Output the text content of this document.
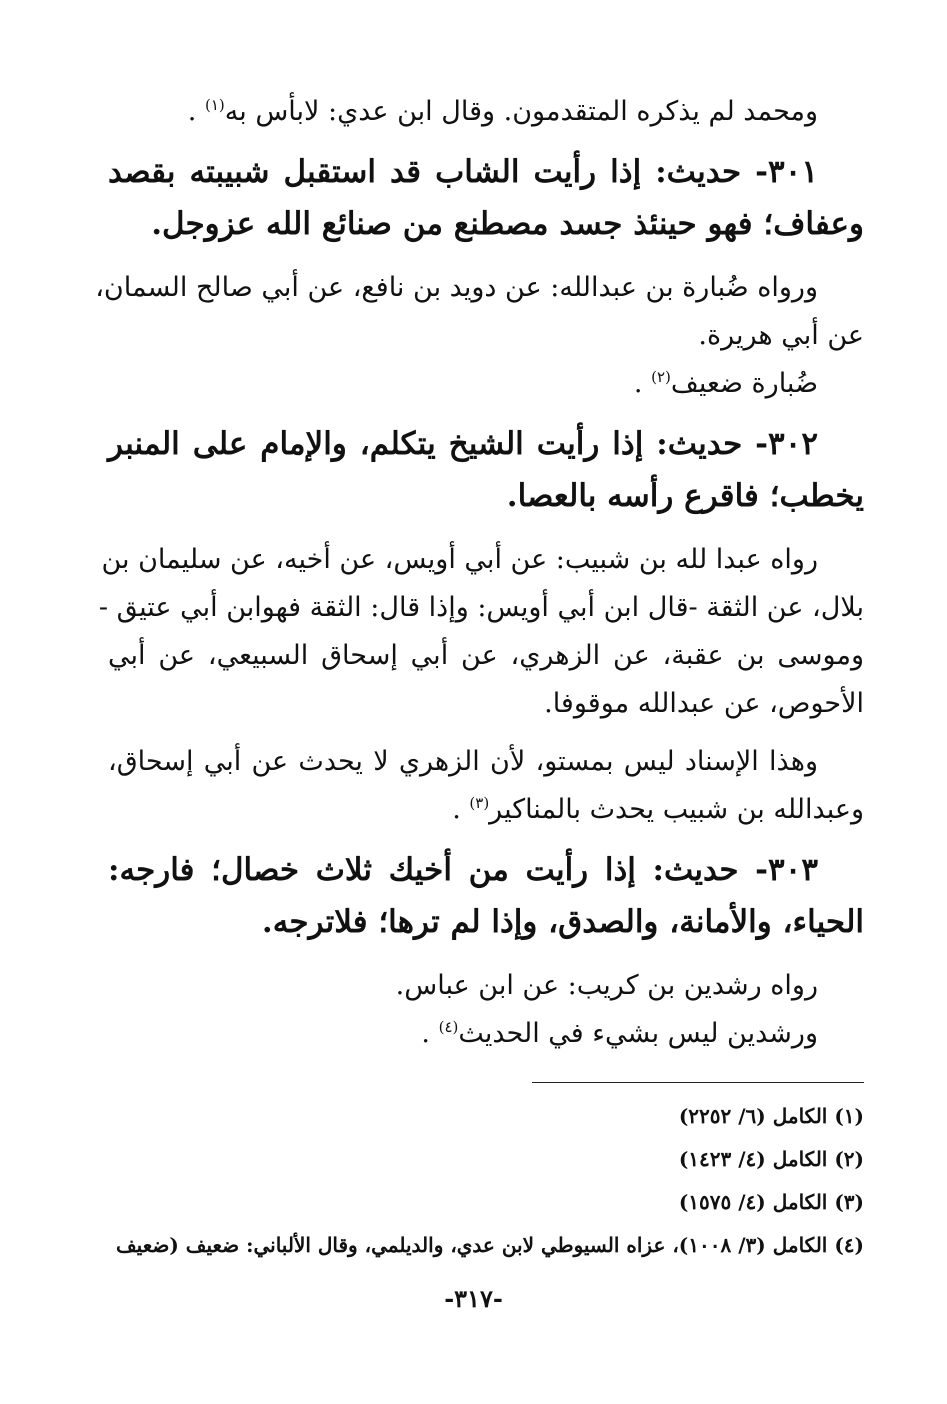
ومحمد لم يذكره المتقدمون. وقال ابن عدي: لابأس به$^{(١)}$ .
٣٠١- حديث: إذا رأيت الشاب قد استقبل شبيبته بقصد
وعفاف؛ فهو حينئذ جسد مصطنع من صنائع الله عزوجل.
ورواه ضُبارة بن عبدالله: عن دويد بن نافع، عن أبي صالح السمان،
عن أبي هريرة.
ضُبارة ضعيف$^{(٢)}$ .
٣٠٢- حديث: إذا رأيت الشيخ يتكلم، والإمام على المنبر
يخطب؛ فاقرع رأسه بالعصا.
رواه عبدا لله بن شبيب: عن أبي أويس، عن أخيه، عن سليمان بن
بلال، عن الثقة -قال ابن أبي أويس: وإذا قال: الثقة فهوابن أبي عتيق -
وموسى بن عقبة، عن الزهري، عن أبي إسحاق السبيعي، عن أبي
الأحوص، عن عبدالله موقوفا.
وهذا الإسناد ليس بمستو، لأن الزهري لا يحدث عن أبي إسحاق،
وعبدالله بن شبيب يحدث بالمناكير$^{(٣)}$ .
٣٠٣- حديث: إذا رأيت من أخيك ثلاث خصال؛ فارجه:
الحياء، والأمانة، والصدق، وإذا لم ترها؛ فلاترجه.
رواه رشدين بن كريب: عن ابن عباس.
ورشدين ليس بشيء في الحديث$^{(٤)}$ .
(١) الكامل (٦/ ٢٢٥٢)
(٢) الكامل (٤/ ١٤٢٣)
(٣) الكامل (٤/ ١٥٧٥)
(٤) الكامل (٣/ ١٠٠٨)، عزاه السيوطي لابن عدي، والديلمي، وقال الألباني: ضعيف (ضعيف
-٣١٧-
